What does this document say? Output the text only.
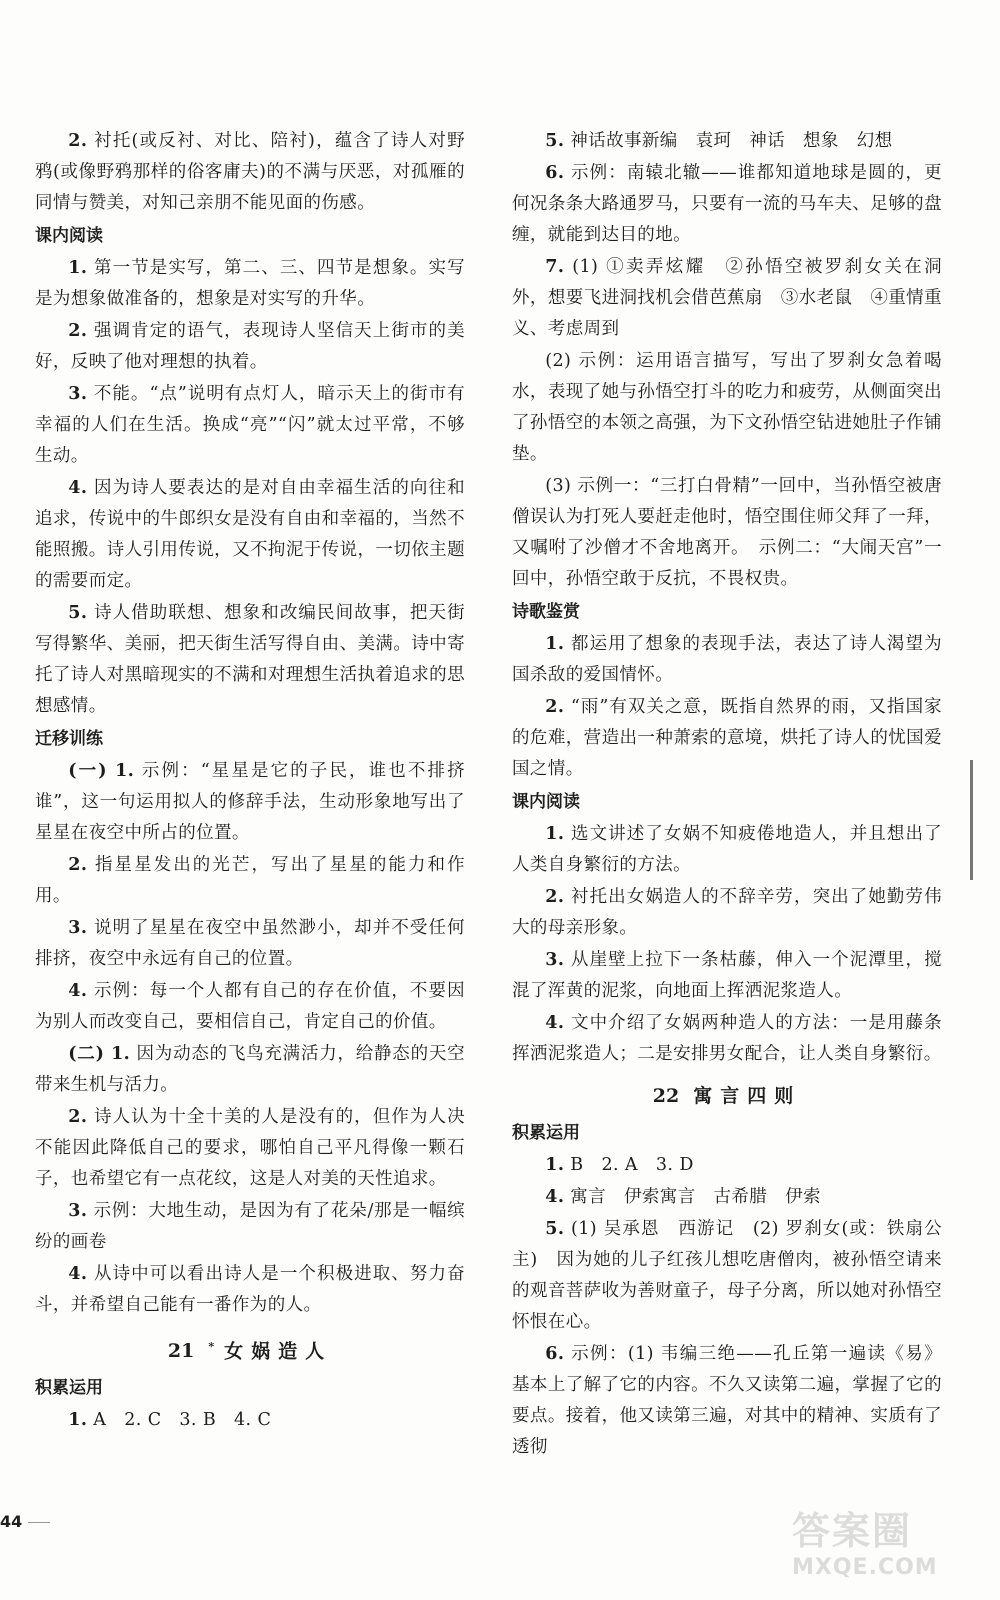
2. 衬托(或反衬、对比、陪衬)，蕴含了诗人对野鸦(或像野鸦那样的俗客庸夫)的不满与厌恶，对孤雁的同情与赞美，对知己亲朋不能见面的伤感。

课内阅读

1. 第一节是实写，第二、三、四节是想象。实写是为想象做准备的，想象是对实写的升华。

2. 强调肯定的语气，表现诗人坚信天上街市的美好，反映了他对理想的执着。

3. 不能。“点”说明有点灯人，暗示天上的街市有幸福的人们在生活。换成“亮”“闪”就太过平常，不够生动。

4. 因为诗人要表达的是对自由幸福生活的向往和追求，传说中的牛郎织女是没有自由和幸福的，当然不能照搬。诗人引用传说，又不拘泥于传说，一切依主题的需要而定。

5. 诗人借助联想、想象和改编民间故事，把天街写得繁华、美丽，把天街生活写得自由、美满。诗中寄托了诗人对黑暗现实的不满和对理想生活执着追求的思想感情。

迁移训练

(一) 1. 示例：“星星是它的子民，谁也不排挤谁”，这一句运用拟人的修辞手法，生动形象地写出了星星在夜空中所占的位置。

2. 指星星发出的光芒，写出了星星的能力和作用。

3. 说明了星星在夜空中虽然渺小，却并不受任何排挤，夜空中永远有自己的位置。

4. 示例：每一个人都有自己的存在价值，不要因为别人而改变自己，要相信自己，肯定自己的价值。

(二) 1. 因为动态的飞鸟充满活力，给静态的天空带来生机与活力。

2. 诗人认为十全十美的人是没有的，但作为人决不能因此降低自己的要求，哪怕自己平凡得像一颗石子，也希望它有一点花纹，这是人对美的天性追求。

3. 示例：大地生动，是因为有了花朵/那是一幅缤纷的画卷

4. 从诗中可以看出诗人是一个积极进取、努力奋斗，并希望自己能有一番作为的人。

21 * 女娲造人
积累运用

1. A　2. C　3. B　4. C

5. 神话故事新编　袁珂　神话　想象　幻想

6. 示例：南辕北辙——谁都知道地球是圆的，更何况条条大路通罗马，只要有一流的马车夫、足够的盘缠，就能到达目的地。

7. (1) ①卖弄炫耀　②孙悟空被罗刹女关在洞外，想要飞进洞找机会借芭蕉扇　③水老鼠　④重情重义、考虑周到

(2) 示例：运用语言描写，写出了罗刹女急着喝水，表现了她与孙悟空打斗的吃力和疲劳，从侧面突出了孙悟空的本领之高强，为下文孙悟空钻进她肚子作铺垫。

(3) 示例一：“三打白骨精”一回中，当孙悟空被唐僧误认为打死人要赶走他时，悟空围住师父拜了一拜，又嘱咐了沙僧才不舍地离开。　示例二：“大闹天宫”一回中，孙悟空敢于反抗，不畏权贵。

诗歌鉴赏

1. 都运用了想象的表现手法，表达了诗人渴望为国杀敌的爱国情怀。

2. “雨”有双关之意，既指自然界的雨，又指国家的危难，营造出一种萧索的意境，烘托了诗人的忧国爱国之情。

课内阅读

1. 选文讲述了女娲不知疲倦地造人，并且想出了人类自身繁衍的方法。

2. 衬托出女娲造人的不辞辛劳，突出了她勤劳伟大的母亲形象。

3. 从崖壁上拉下一条枯藤，伸入一个泥潭里，搅混了浑黄的泥浆，向地面上挥洒泥浆造人。

4. 文中介绍了女娲两种造人的方法：一是用藤条挥洒泥浆造人；二是安排男女配合，让人类自身繁衍。

22 寓言四则
积累运用

1. B　2. A　3. D

4. 寓言　伊索寓言　古希腊　伊索

5. (1) 吴承恩　西游记　(2) 罗刹女(或：铁扇公主)　因为她的儿子红孩儿想吃唐僧肉，被孙悟空请来的观音菩萨收为善财童子，母子分离，所以她对孙悟空怀恨在心。

6. 示例：(1) 韦编三绝——孔丘第一遍读《易》基本上了解了它的内容。不久又读第二遍，掌握了它的要点。接着，他又读第三遍，对其中的精神、实质有了透彻

44	答案圈
MXQE.COM
